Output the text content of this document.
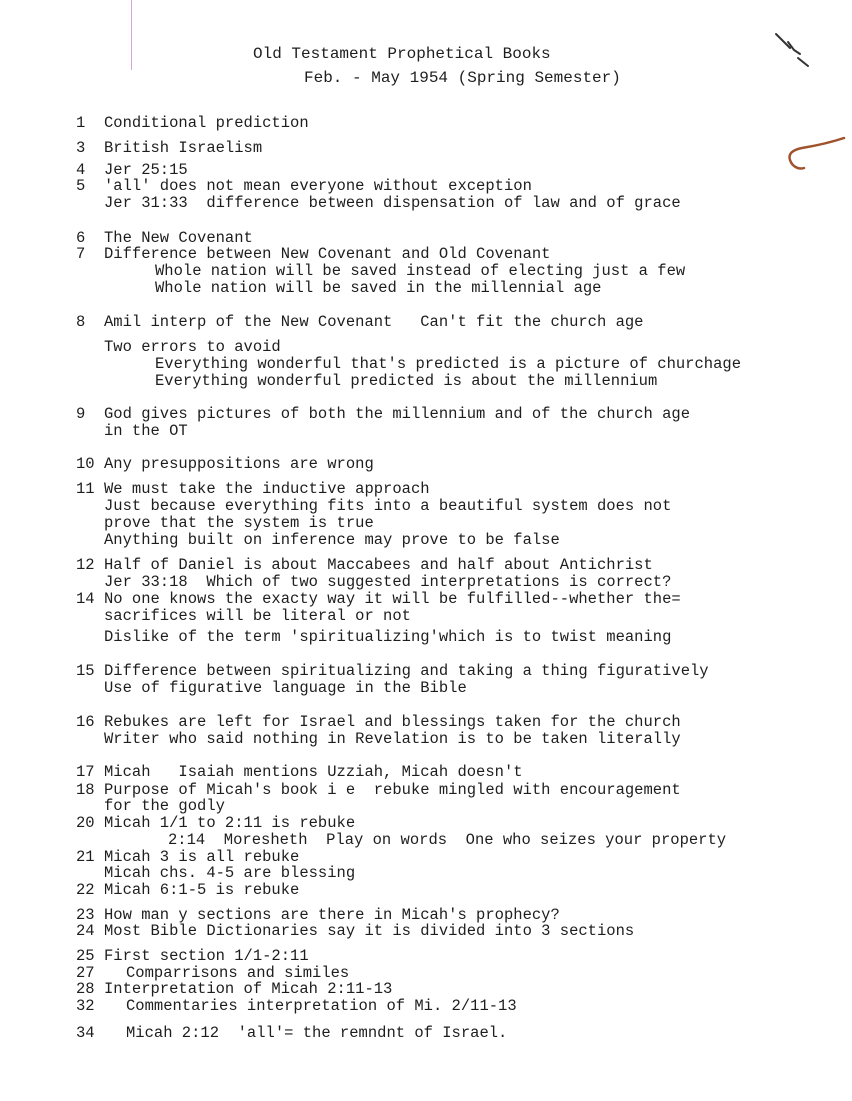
Old Testament Prophetical Books
Feb. - May 1954 (Spring Semester)
1 Conditional prediction
3 British Israelism
4 Jer 25:15
5 'all' does not mean everyone without exception
Jer 31:33  difference between dispensation of law and of grace
6 The New Covenant
7 Difference between New Covenant and Old Covenant
Whole nation will be saved instead of electing just a few
Whole nation will be saved in the millennial age
8 Amil interp of the New Covenant   Can't fit the church age
Two errors to avoid
Everything wonderful that's predicted is a picture of churchage
Everything wonderful predicted is about the millennium
9 God gives pictures of both the millennium and of the church age
in the OT
10 Any presuppositions are wrong
11 We must take the inductive approach
Just because everything fits into a beautiful system does not
prove that the system is true
Anything built on inference may prove to be false
12 Half of Daniel is about Maccabees and half about Antichrist
Jer 33:18  Which of two suggested interpretations is correct?
14 No one knows the exacty way it will be fulfilled--whether the=
sacrifices will be literal or not
Dislike of the term 'spiritualizing'which is to twist meaning
15 Difference between spiritualizing and taking a thing figuratively
Use of figurative language in the Bible
16 Rebukes are left for Israel and blessings taken for the church
Writer who said nothing in Revelation is to be taken literally
17 Micah   Isaiah mentions Uzziah, Micah doesn't
18 Purpose of Micah's book i e  rebuke mingled with encouragement
for the godly
20 Micah 1/1 to 2:11 is rebuke
2:14  Moresheth  Play on words  One who seizes your property
21 Micah 3 is all rebuke
Micah chs. 4-5 are blessing
22 Micah 6:1-5 is rebuke
23 How man y sections are there in Micah's prophecy?
24 Most Bible Dictionaries say it is divided into 3 sections
25 First section 1/1-2:11
27 Comparrisons and similes
28 Interpretation of Micah 2:11-13
32 Commentaries interpretation of Mi. 2/11-13
34 Micah 2:12  'all'= the remndnt of Israel.
